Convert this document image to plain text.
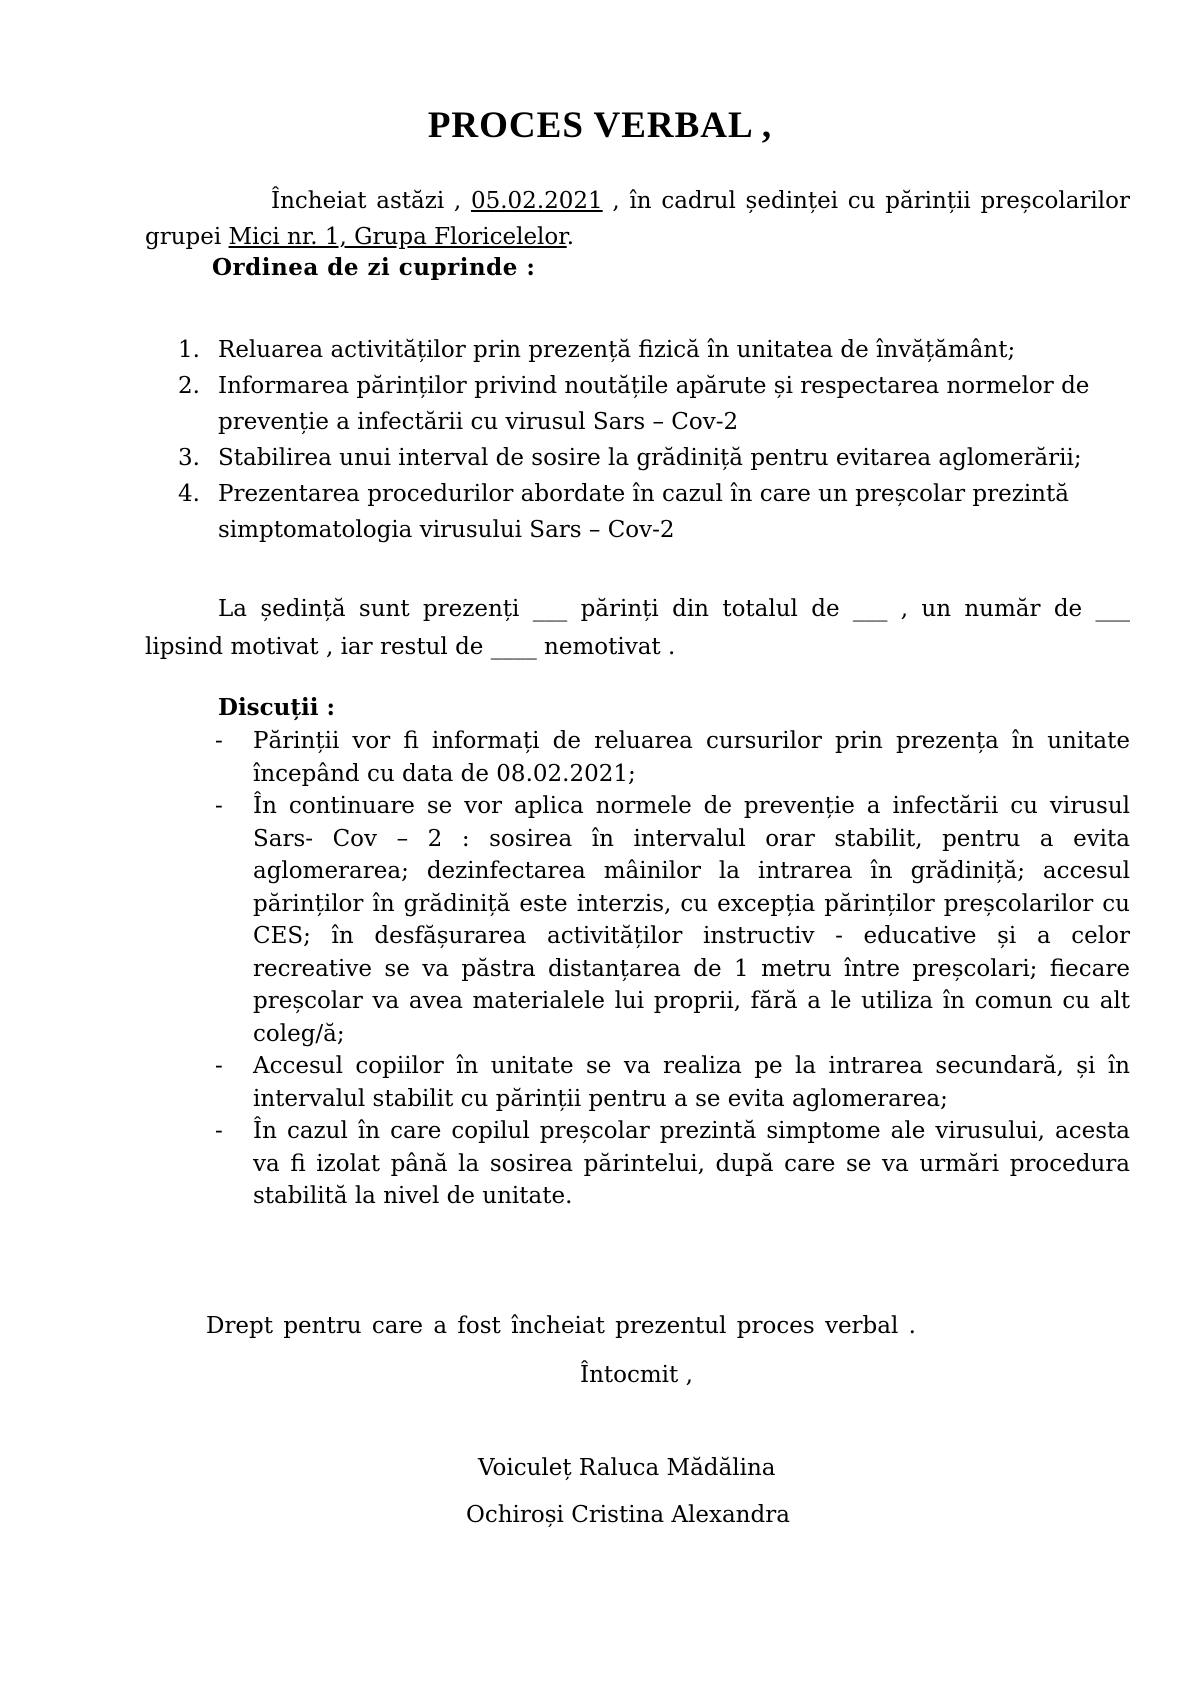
PROCES VERBAL ,
Încheiat astăzi , 05.02.2021 , în cadrul ședinței cu părinții preșcolarilor grupei Mici nr. 1, Grupa Floricelelor.
Ordinea de zi cuprinde :
1. Reluarea activităților prin prezență fizică în unitatea de învățământ;
2. Informarea părinților privind noutățile apărute și respectarea normelor de prevenție a infectării cu virusul Sars – Cov-2
3. Stabilirea unui interval de sosire la grădiniță pentru evitarea aglomerării;
4. Prezentarea procedurilor abordate în cazul în care un preșcolar prezintă simptomatologia virusului Sars – Cov-2
La ședință sunt prezenți ___ părinți din totalul de ___ , un număr de ___ lipsind motivat , iar restul de ____ nemotivat .
Discuții :
- Părinții vor fi informați de reluarea cursurilor prin prezența în unitate începând cu data de 08.02.2021;
- În continuare se vor aplica normele de prevenție a infectării cu virusul Sars- Cov – 2 : sosirea în intervalul orar stabilit, pentru a evita aglomerarea; dezinfectarea mâinilor la intrarea în grădiniță; accesul părinților în grădiniță este interzis, cu excepția părinților preșcolarilor cu CES; în desfășurarea activităților instructiv - educative și a celor recreative se va păstra distanțarea de 1 metru între preșcolari; fiecare preșcolar va avea materialele lui proprii, fără a le utiliza în comun cu alt coleg/ă;
- Accesul copiilor în unitate se va realiza pe la intrarea secundară, și în intervalul stabilit cu părinții pentru a se evita aglomerarea;
- În cazul în care copilul preșcolar prezintă simptome ale virusului, acesta va fi izolat până la sosirea părintelui, după care se va urmări procedura stabilită la nivel de unitate.
Drept pentru care a fost încheiat prezentul proces verbal .
Întocmit ,
Voiculeț Raluca Mădălina
Ochiroși Cristina Alexandra
